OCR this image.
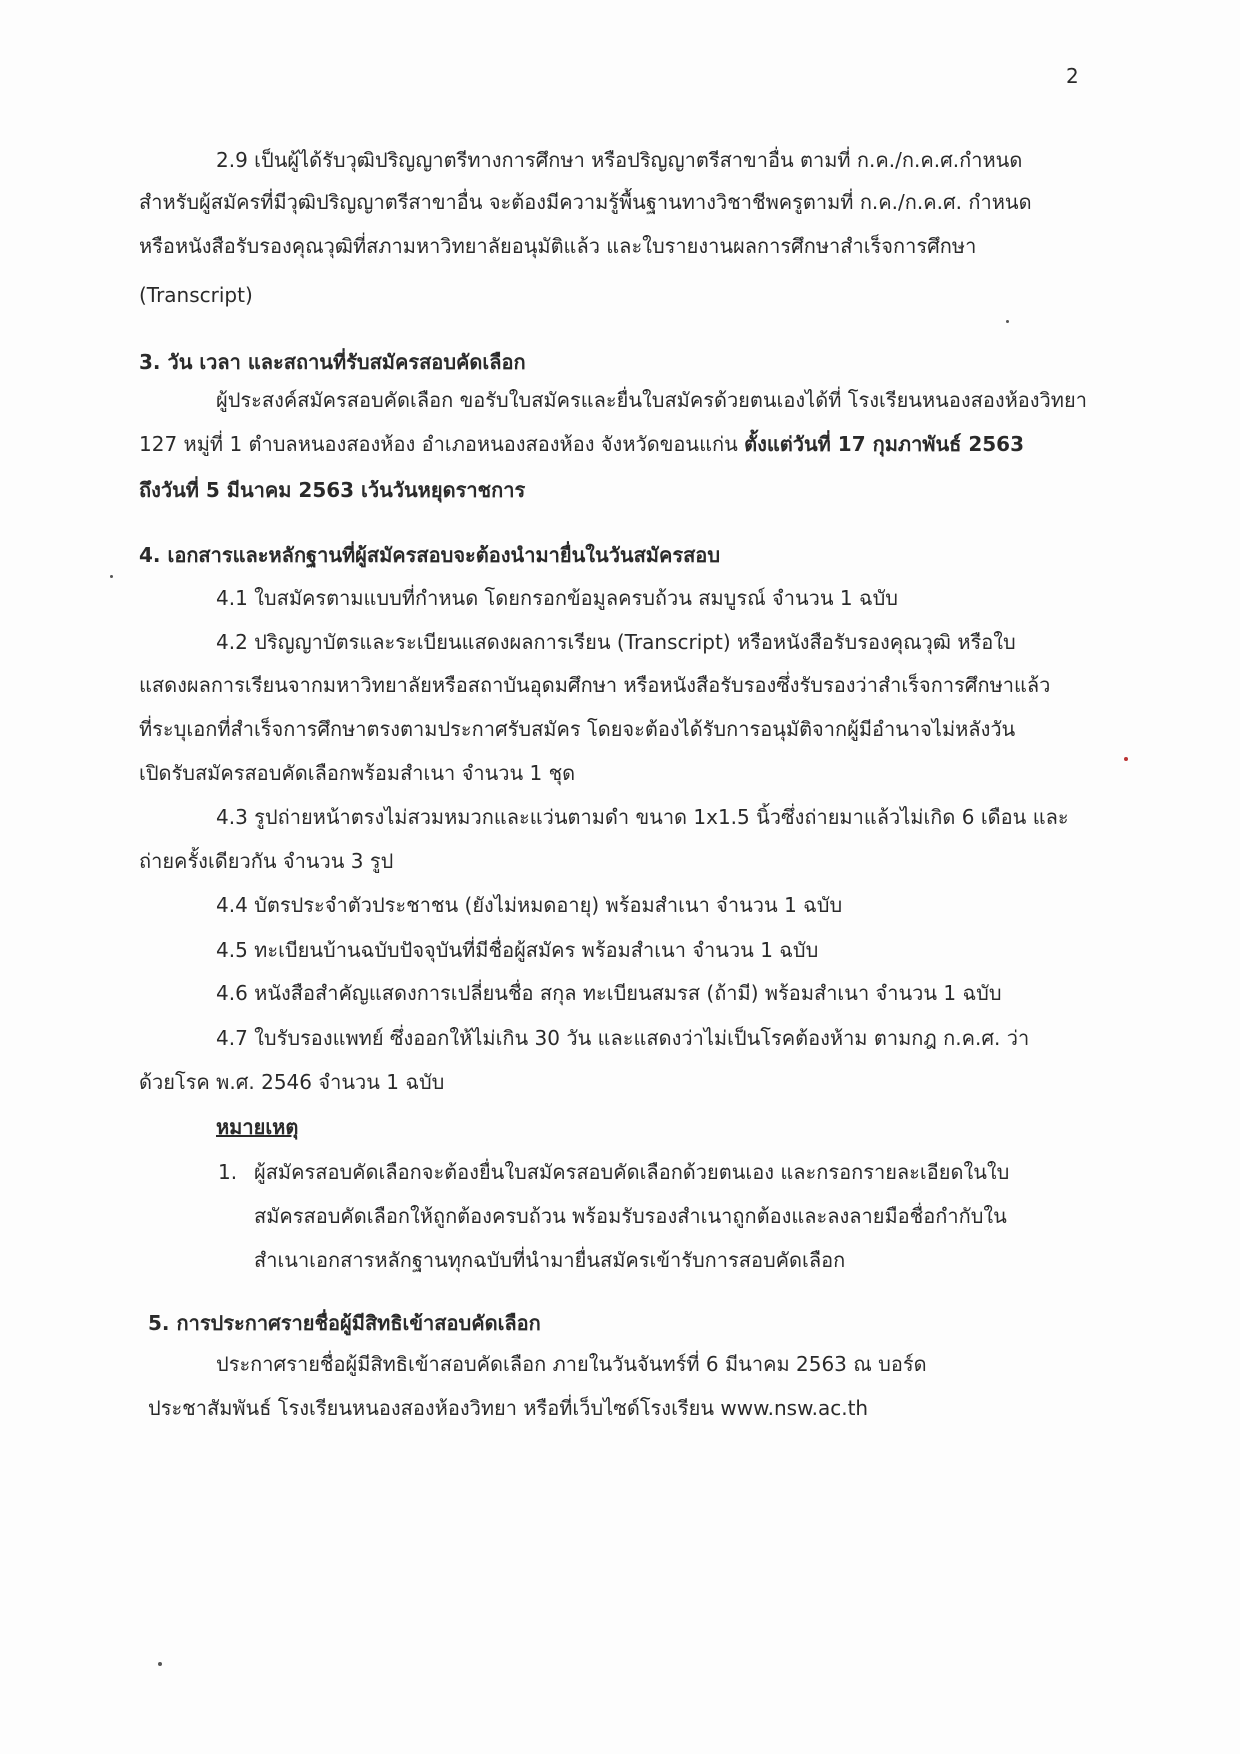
2
2.9 เป็นผู้ได้รับวุฒิปริญญาตรีทางการศึกษา หรือปริญญาตรีสาขาอื่น ตามที่ ก.ค./ก.ค.ศ.กำหนด
สำหรับผู้สมัครที่มีวุฒิปริญญาตรีสาขาอื่น จะต้องมีความรู้พื้นฐานทางวิชาชีพครูตามที่ ก.ค./ก.ค.ศ. กำหนด
หรือหนังสือรับรองคุณวุฒิที่สภามหาวิทยาลัยอนุมัติแล้ว และใบรายงานผลการศึกษาสำเร็จการศึกษา
(Transcript)
3. วัน เวลา และสถานที่รับสมัครสอบคัดเลือก
ผู้ประสงค์สมัครสอบคัดเลือก ขอรับใบสมัครและยื่นใบสมัครด้วยตนเองได้ที่ โรงเรียนหนองสองห้องวิทยา
127 หมู่ที่ 1 ตำบลหนองสองห้อง อำเภอหนองสองห้อง จังหวัดขอนแก่น ตั้งแต่วันที่ 17 กุมภาพันธ์ 2563
ถึงวันที่ 5 มีนาคม 2563 เว้นวันหยุดราชการ
4. เอกสารและหลักฐานที่ผู้สมัครสอบจะต้องนำมายื่นในวันสมัครสอบ
4.1 ใบสมัครตามแบบที่กำหนด โดยกรอกข้อมูลครบถ้วน สมบูรณ์ จำนวน 1 ฉบับ
4.2 ปริญญาบัตรและระเบียนแสดงผลการเรียน (Transcript) หรือหนังสือรับรองคุณวุฒิ หรือใบ
แสดงผลการเรียนจากมหาวิทยาลัยหรือสถาบันอุดมศึกษา หรือหนังสือรับรองซึ่งรับรองว่าสำเร็จการศึกษาแล้ว
ที่ระบุเอกที่สำเร็จการศึกษาตรงตามประกาศรับสมัคร โดยจะต้องได้รับการอนุมัติจากผู้มีอำนาจไม่หลังวัน
เปิดรับสมัครสอบคัดเลือกพร้อมสำเนา จำนวน 1 ชุด
4.3 รูปถ่ายหน้าตรงไม่สวมหมวกและแว่นตามดำ ขนาด 1x1.5 นิ้วซึ่งถ่ายมาแล้วไม่เกิด 6 เดือน และ
ถ่ายครั้งเดียวกัน จำนวน 3 รูป
4.4 บัตรประจำตัวประชาชน (ยังไม่หมดอายุ) พร้อมสำเนา จำนวน 1 ฉบับ
4.5 ทะเบียนบ้านฉบับปัจจุบันที่มีชื่อผู้สมัคร พร้อมสำเนา จำนวน 1 ฉบับ
4.6 หนังสือสำคัญแสดงการเปลี่ยนชื่อ สกุล ทะเบียนสมรส (ถ้ามี) พร้อมสำเนา จำนวน 1 ฉบับ
4.7 ใบรับรองแพทย์ ซึ่งออกให้ไม่เกิน 30 วัน และแสดงว่าไม่เป็นโรคต้องห้าม ตามกฎ ก.ค.ศ. ว่า
ด้วยโรค พ.ศ. 2546 จำนวน 1 ฉบับ
หมายเหตุ
1. ผู้สมัครสอบคัดเลือกจะต้องยื่นใบสมัครสอบคัดเลือกด้วยตนเอง และกรอกรายละเอียดในใบ
สมัครสอบคัดเลือกให้ถูกต้องครบถ้วน พร้อมรับรองสำเนาถูกต้องและลงลายมือชื่อกำกับใน
สำเนาเอกสารหลักฐานทุกฉบับที่นำมายื่นสมัครเข้ารับการสอบคัดเลือก
5. การประกาศรายชื่อผู้มีสิทธิเข้าสอบคัดเลือก
ประกาศรายชื่อผู้มีสิทธิเข้าสอบคัดเลือก ภายในวันจันทร์ที่ 6 มีนาคม 2563 ณ บอร์ด
ประชาสัมพันธ์ โรงเรียนหนองสองห้องวิทยา หรือที่เว็บไซด์โรงเรียน www.nsw.ac.th
